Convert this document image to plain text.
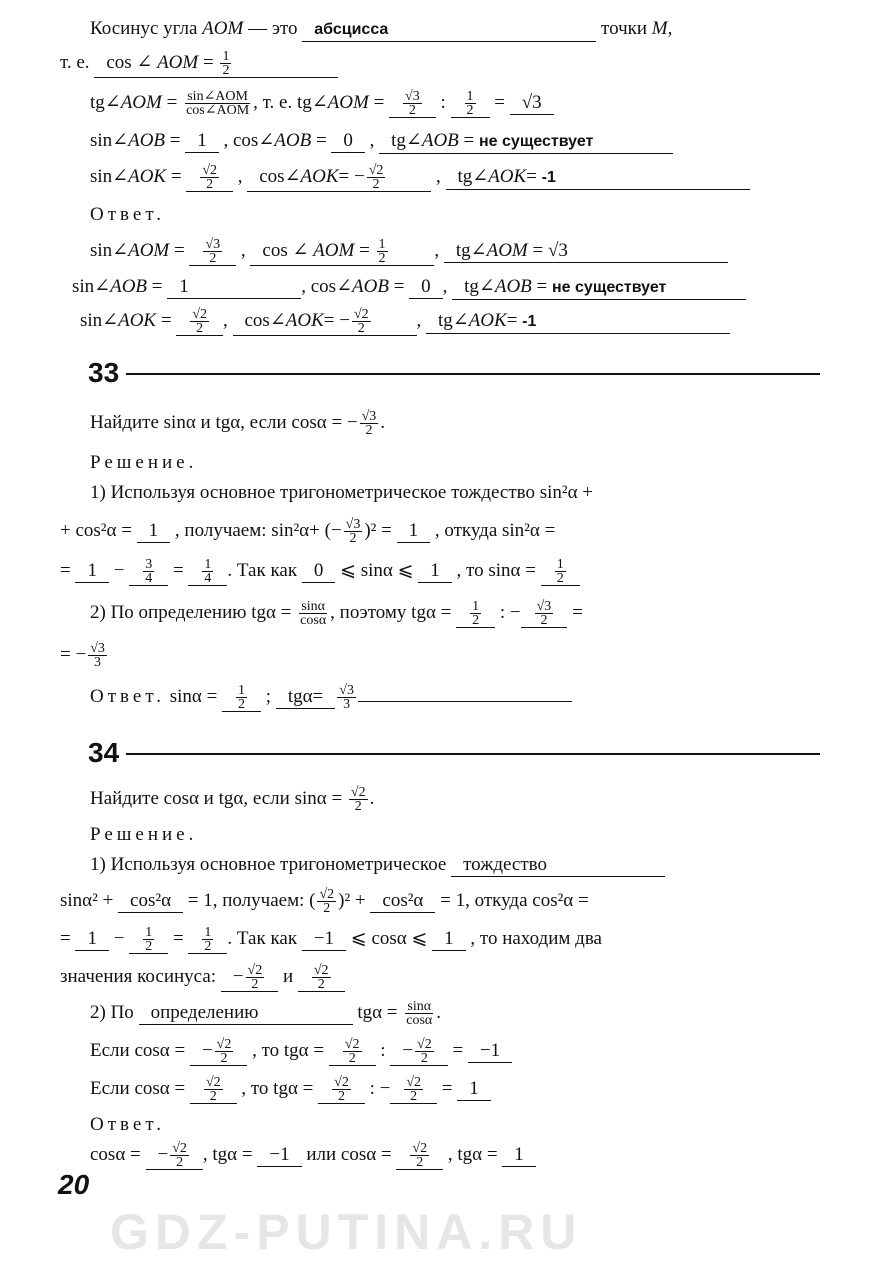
GDZ-PUTINA.RU
33
34
20
Косинус угла AOM — это абсцисса	точки M,
т. е. cos ∠ AOM = $\frac{1}{2}$
tg∠AOM = $\frac{\text{sin∠AOM}}{\text{cos∠AOM}}$ , т. е. tg∠AOM = $\frac{√3}{2}$ : $\frac{1}{2} = √3$
sin∠AOB = 1 , cos∠AOB = 0 , tg∠AOB = не существует
sin∠AOK = $\frac{√2}{2}$ , cos∠AOK= − $\frac{√2}{2}$ , tg∠AOK= -1
Ответ.
sin∠AOM = $\frac{√3}{2}$ , cos ∠ AOM = $\frac{1}{2}$ , tg∠AOM = √3
sin∠AOB = 1	, cos∠AOB = 0 , tg∠AOB = не существует
sin∠AOK = $\frac{√2}{2}$ , cos∠AOK= − $\frac{√2}{2}$ , tg∠AOK= -1
Найдите sinα и tgα, если cosα = − $\frac{√3}{2}$ .
Решение.
1) Используя основное тригонометрическое тождество sin²α +
+ cos²α = 1 , получаем: sin²α+ (− $\frac{√3}{2} )^2 = 1$ , откуда sin²α =
= $1 - \frac{3}{4} = \frac{1}{4}$ . Так как 0 ⩽ sinα ⩽ 1 , то $\sin\alpha = \frac{1}{2}$
2) По определению $tg\alpha = \frac{\sin\alpha}{\cos\alpha}$ , поэтому $tg\alpha = \frac{1}{2}$ : − $\frac{√3}{2}$ =
= − $\frac{√3}{3}$
Ответ. $\sin\alpha = \frac{1}{2}$ ; $tg\alpha= \frac{√3}{3}$
Найдите cosα и tgα, если $\sin\alpha = \frac{√2}{2}$ .
Решение.
1) Используя основное тригонометрическое тождество
sinα² + cos²α = 1, получаем: ( $\frac{√2}{2} )^2 + \cos^2\alpha = 1$, откуда cos²α =
= $1 - \frac{1}{2} = \frac{1}{2}$ . Так как −1 ⩽ cosα ⩽ 1 , то находим два
значения косинуса: − $\frac{√2}{2}$ и $\frac{√2}{2}$
2) По определению	$tg\alpha = \frac{\sin\alpha}{\cos\alpha}$ .
Если cosα = − $\frac{√2}{2}$ , то $tg\alpha = \frac{√2}{2}$ : − $\frac{√2}{2} = -1$
Если $\cos\alpha = \frac{√2}{2}$ , то $tg\alpha = \frac{√2}{2}$ : − $\frac{√2}{2} = 1$
Ответ.
cosα = − $\frac{√2}{2}$ , tgα = −1 или $\cos\alpha = \frac{√2}{2}$ , tgα = 1
